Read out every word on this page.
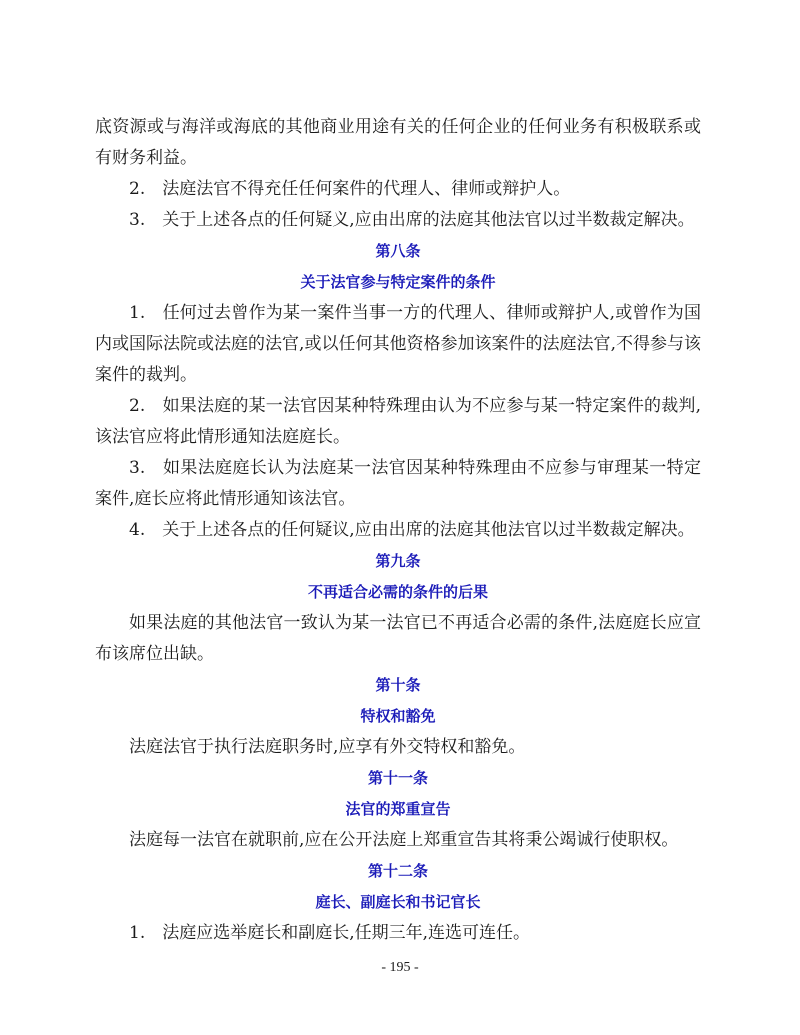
底资源或与海洋或海底的其他商业用途有关的任何企业的任何业务有积极联系或有财务利益。

2.　法庭法官不得充任任何案件的代理人、律师或辩护人。

3.　关于上述各点的任何疑义,应由出席的法庭其他法官以过半数裁定解决。

第八条

关于法官参与特定案件的条件

1.　任何过去曾作为某一案件当事一方的代理人、律师或辩护人,或曾作为国内或国际法院或法庭的法官,或以任何其他资格参加该案件的法庭法官,不得参与该案件的裁判。

2.　如果法庭的某一法官因某种特殊理由认为不应参与某一特定案件的裁判,该法官应将此情形通知法庭庭长。

3.　如果法庭庭长认为法庭某一法官因某种特殊理由不应参与审理某一特定案件,庭长应将此情形通知该法官。

4.　关于上述各点的任何疑议,应由出席的法庭其他法官以过半数裁定解决。

第九条

不再适合必需的条件的后果

如果法庭的其他法官一致认为某一法官已不再适合必需的条件,法庭庭长应宣布该席位出缺。

第十条

特权和豁免

法庭法官于执行法庭职务时,应享有外交特权和豁免。

第十一条

法官的郑重宣告

法庭每一法官在就职前,应在公开法庭上郑重宣告其将秉公竭诚行使职权。

第十二条

庭长、副庭长和书记官长

1.　法庭应选举庭长和副庭长,任期三年,连选可连任。

- 195 -
